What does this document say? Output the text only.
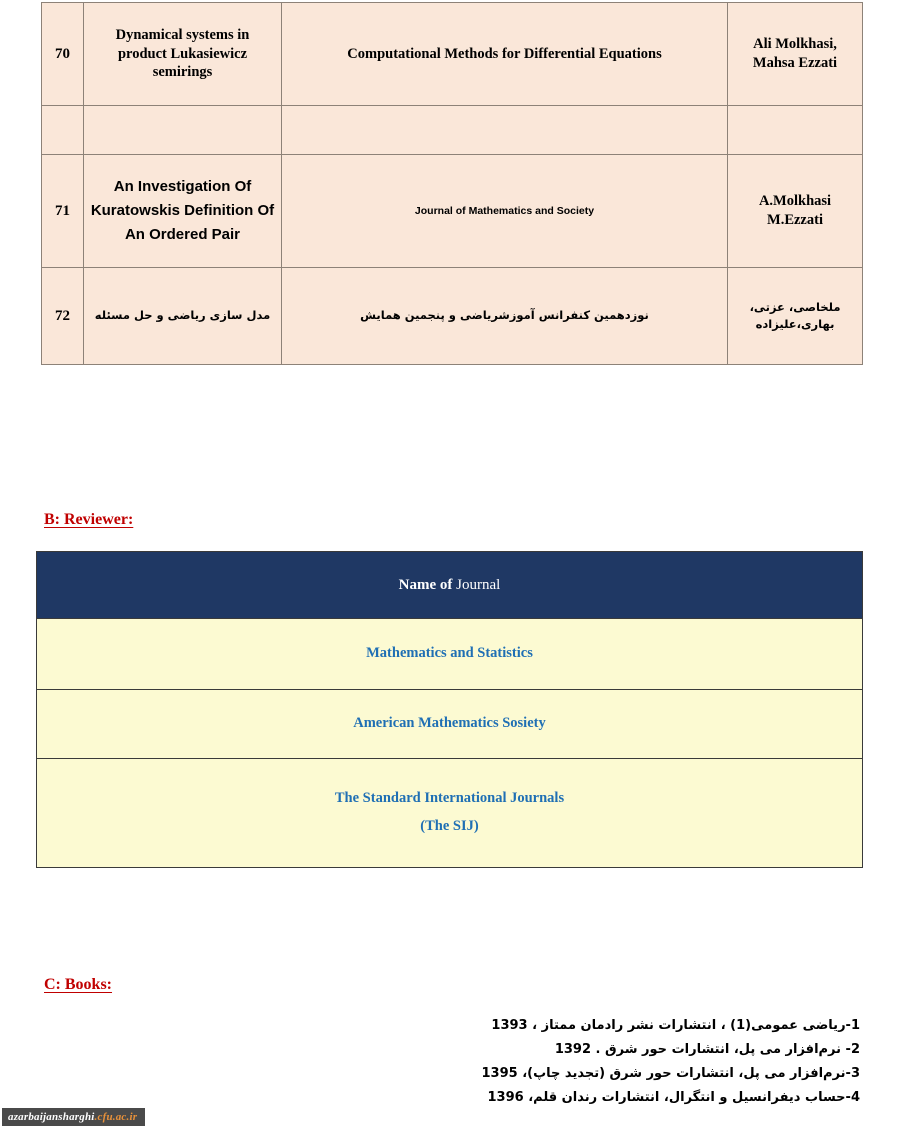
70	Dynamical systems in product Lukasiewicz semirings	Computational Methods for Differential Equations	Ali Molkhasi,
Mahsa Ezzati

71	An Investigation Of Kuratowskis Definition Of An Ordered Pair	Journal of Mathematics and Society	A.Molkhasi
M.Ezzati
72	مدل سازی ریاضی و حل مسئله	نوزدهمین کنفرانس آموزشریاضی و پنجمین همایش	ملخاصی، عزتی،
بهاری،علیزاده
B: Reviewer:
Name of Journal
Mathematics and Statistics
American Mathematics Sosiety
The Standard International Journals
(The SIJ)
C: Books:
1-ریاضی عمومی(1) ، انتشارات نشر رادمان ممتاز ، 1393
2- نرم‌افزار می پل، انتشارات حور شرق . 1392
3-نرم‌افزار می پل، انتشارات حور شرق (تجدید چاپ)، 1395
4-حساب دیفرانسیل و انتگرال، انتشارات رندان قلم، 1396
azarbaijansharghi.cfu.ac.ir
